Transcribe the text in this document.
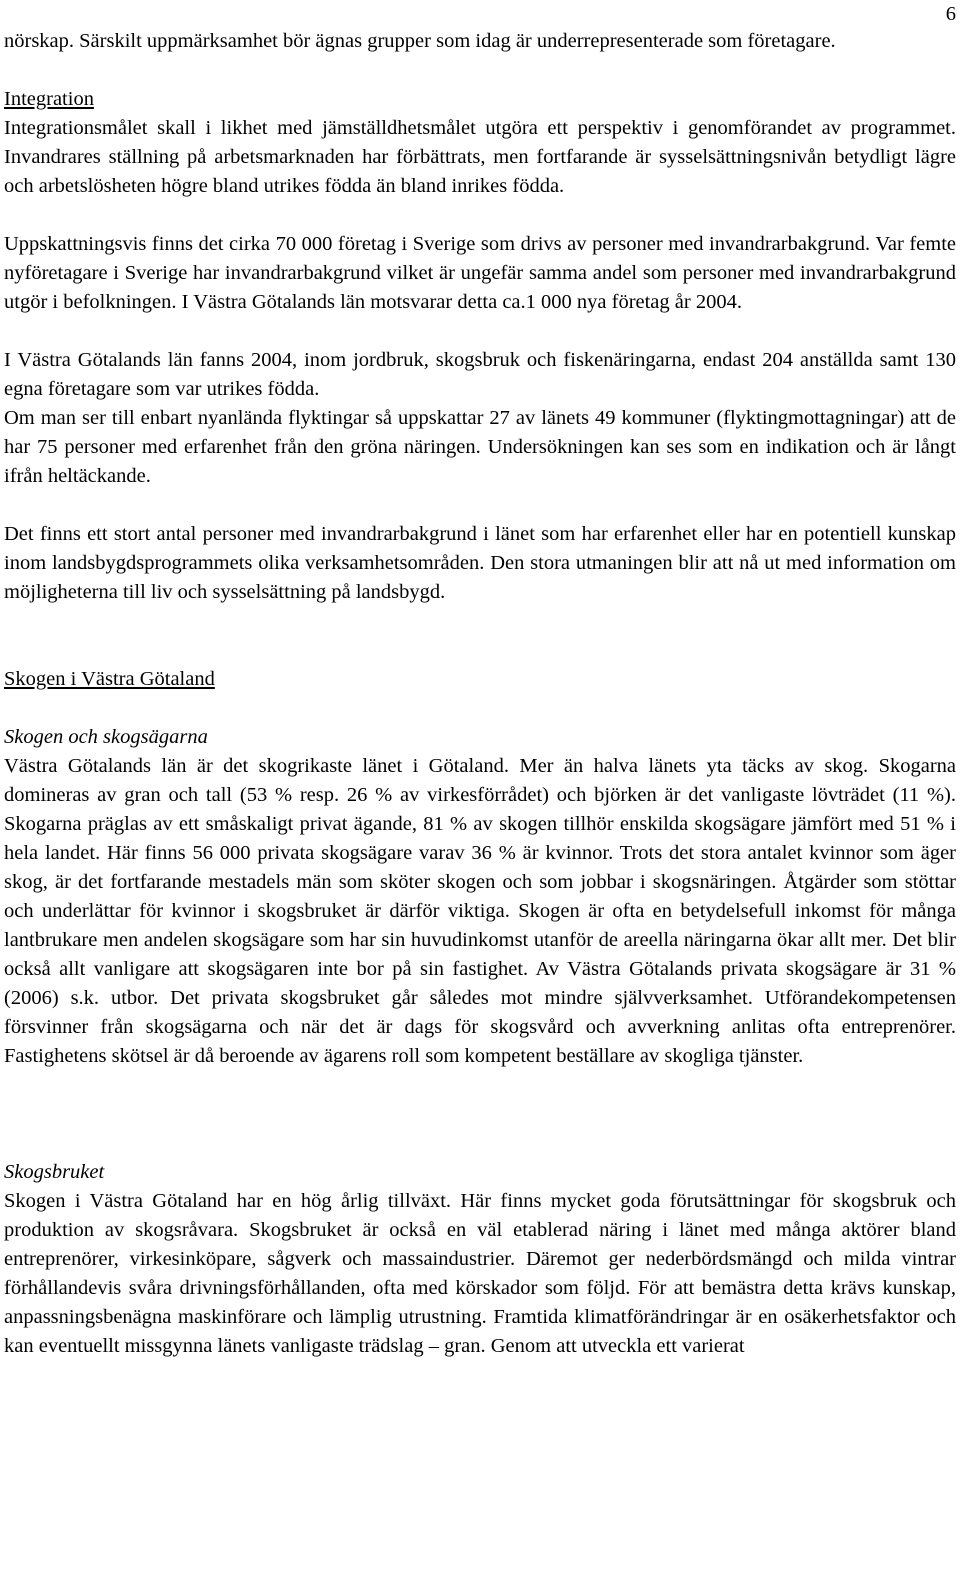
6

nörskap. Särskilt uppmärksamhet bör ägnas grupper som idag är underrepresenterade som företagare.

Integration

Integrationsmålet skall i likhet med jämställdhetsmålet utgöra ett perspektiv i genomförandet av programmet. Invandrares ställning på arbetsmarknaden har förbättrats, men fortfarande är sysselsättningsnivån betydligt lägre och arbetslösheten högre bland utrikes födda än bland inrikes födda.

Uppskattningsvis finns det cirka 70 000 företag i Sverige som drivs av personer med invandrarbakgrund. Var femte nyföretagare i Sverige har invandrarbakgrund vilket är ungefär samma andel som personer med invandrarbakgrund utgör i befolkningen. I Västra Götalands län motsvarar detta ca.1 000 nya företag år 2004.

I Västra Götalands län fanns 2004, inom jordbruk, skogsbruk och fiskenäringarna, endast 204 anställda samt 130 egna företagare som var utrikes födda.

Om man ser till enbart nyanlända flyktingar så uppskattar 27 av länets 49 kommuner (flyktingmottagningar) att de har 75 personer med erfarenhet från den gröna näringen. Undersökningen kan ses som en indikation och är långt ifrån heltäckande.

Det finns ett stort antal personer med invandrarbakgrund i länet som har erfarenhet eller har en potentiell kunskap inom landsbygdsprogrammets olika verksamhetsområden. Den stora utmaningen blir att nå ut med information om möjligheterna till liv och sysselsättning på landsbygd.

Skogen i Västra Götaland

Skogen och skogsägarna

Västra Götalands län är det skogrikaste länet i Götaland. Mer än halva länets yta täcks av skog. Skogarna domineras av gran och tall (53 % resp. 26 % av virkesförrådet) och björken är det vanligaste lövträdet (11 %). Skogarna präglas av ett småskaligt privat ägande, 81 % av skogen tillhör enskilda skogsägare jämfört med 51 % i hela landet. Här finns 56 000 privata skogsägare varav 36 % är kvinnor. Trots det stora antalet kvinnor som äger skog, är det fortfarande mestadels män som sköter skogen och som jobbar i skogsnäringen. Åtgärder som stöttar och underlättar för kvinnor i skogsbruket är därför viktiga. Skogen är ofta en betydelsefull inkomst för många lantbrukare men andelen skogsägare som har sin huvudinkomst utanför de areella näringarna ökar allt mer. Det blir också allt vanligare att skogsägaren inte bor på sin fastighet. Av Västra Götalands privata skogsägare är 31 % (2006) s.k. utbor. Det privata skogsbruket går således mot mindre självverksamhet. Utförandekompetensen försvinner från skogsägarna och när det är dags för skogsvård och avverkning anlitas ofta entreprenörer. Fastighetens skötsel är då beroende av ägarens roll som kompetent beställare av skogliga tjänster.

Skogsbruket

Skogen i Västra Götaland har en hög årlig tillväxt. Här finns mycket goda förutsättningar för skogsbruk och produktion av skogsråvara. Skogsbruket är också en väl etablerad näring i länet med många aktörer bland entreprenörer, virkesinköpare, sågverk och massaindustrier. Däremot ger nederbördsmängd och milda vintrar förhållandevis svåra drivningsförhållanden, ofta med körskador som följd. För att bemästra detta krävs kunskap, anpassningsbenägna maskinförare och lämplig utrustning. Framtida klimatförändringar är en osäkerhetsfaktor och kan eventuellt missgynna länets vanligaste trädslag – gran. Genom att utveckla ett varierat
